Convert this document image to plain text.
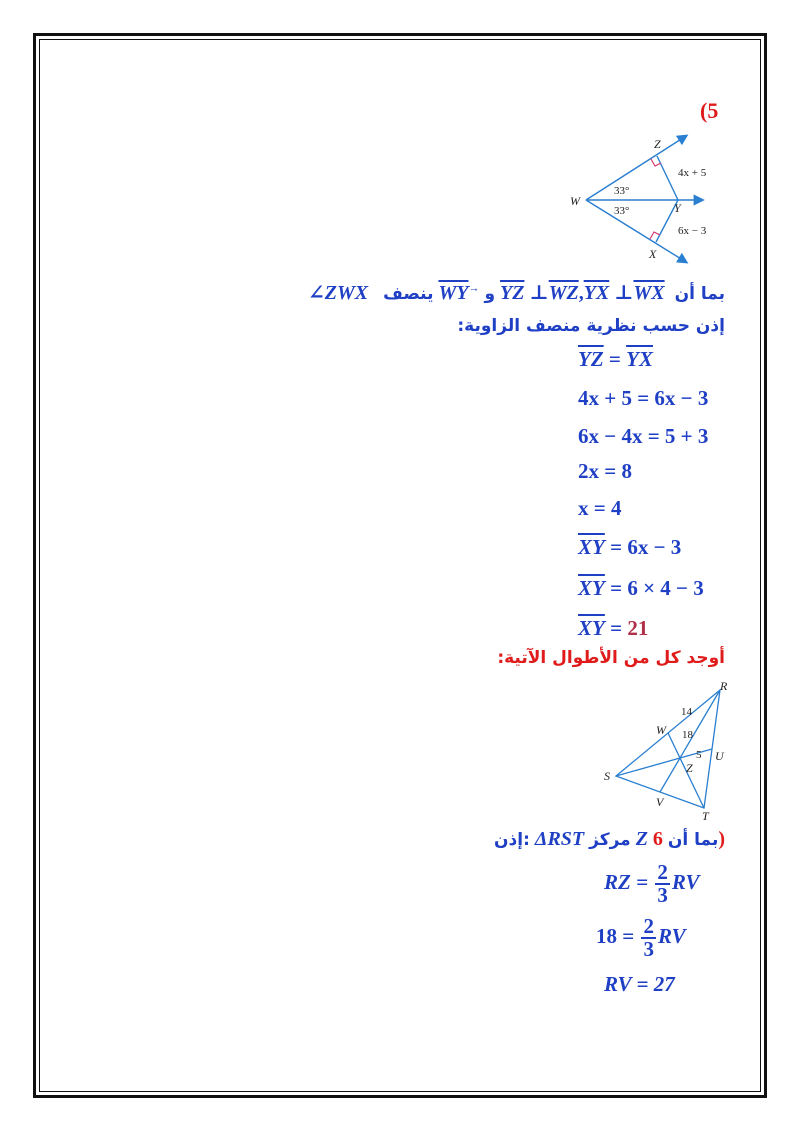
(5
Z
W	Y
X
33°
33°
4x + 5
6x − 3
∠ZWX ينصف $\overline{WY}^\to$ و $\overline{YZ}$ $\perp\overline{WZ},\overline{YX}$ $\perp\overline{WX}$ بما أن
إذن حسب نظرية منصف الزاوية:
$\overline{YZ} = \overline{YX}$
4x + 5 = 6x − 3
6x − 4x = 5 + 3
2x = 8
x = 4
$\overline{XY} = 6x - 3$
$\overline{XY} = 6 \times 4 - 3$
$\overline{XY} = 21$
أوجد كل من الأطوال الآتية:
R
W
U
S
Z
V
T
14
18
5
إذن: ΔRST مركز Z بما أن 6)
RZ = $\frac{2}{3}$ RV
$18 = \frac{2}{3}$ RV
RV = 27
